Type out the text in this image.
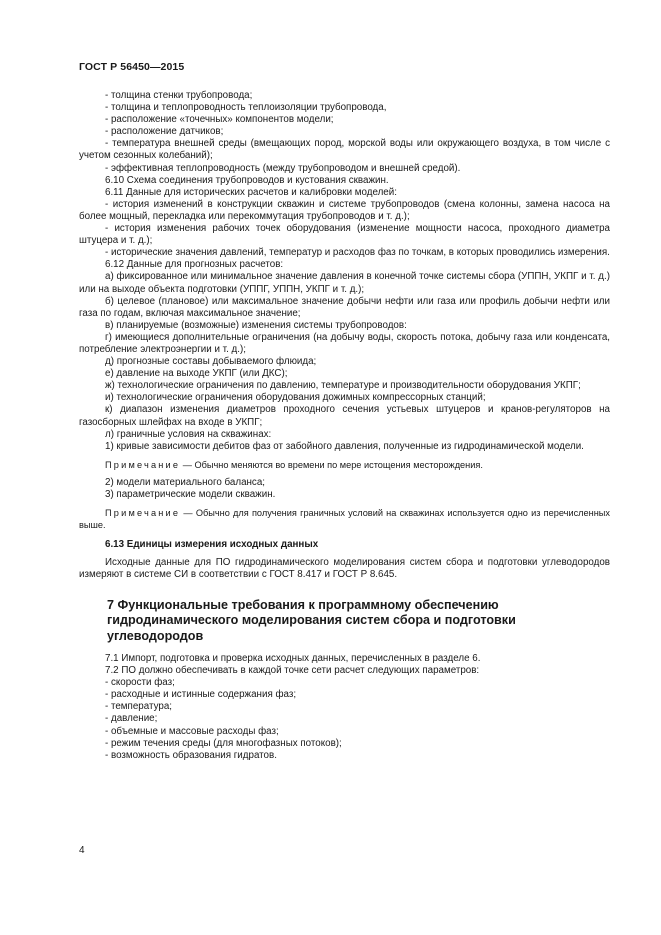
ГОСТ Р 56450—2015

- толщина стенки трубопровода;

- толщина и теплопроводность теплоизоляции трубопровода,

- расположение «точечных» компонентов модели;

- расположение датчиков;

- температура внешней среды (вмещающих пород, морской воды или окружающего воздуха, в том числе с учетом сезонных колебаний);

- эффективная теплопроводность (между трубопроводом и внешней средой).

6.10 Схема соединения трубопроводов и кустования скважин.

6.11 Данные для исторических расчетов и калибровки моделей:

- история изменений в конструкции скважин и системе трубопроводов (смена колонны, замена насоса на более мощный, перекладка или перекоммутация трубопроводов и т. д.);

- история изменения рабочих точек оборудования (изменение мощности насоса, проходного диаметра штуцера и т. д.);

- исторические значения давлений, температур и расходов фаз по точкам, в которых проводились измерения.

6.12 Данные для прогнозных расчетов:

а) фиксированное или минимальное значение давления в конечной точке системы сбора (УППН, УКПГ и т. д.) или на выходе объекта подготовки (УППГ, УППН, УКПГ и т. д.);

б) целевое (плановое) или максимальное значение добычи нефти или газа или профиль добычи нефти или газа по годам, включая максимальное значение;

в) планируемые (возможные) изменения системы трубопроводов:

г) имеющиеся дополнительные ограничения (на добычу воды, скорость потока, добычу газа или конденсата, потребление электроэнергии и т. д.);

д) прогнозные составы добываемого флюида;

е) давление на выходе УКПГ (или ДКС);

ж) технологические ограничения по давлению, температуре и производительности оборудования УКПГ;

и) технологические ограничения оборудования дожимных компрессорных станций;

к) диапазон изменения диаметров проходного сечения устьевых штуцеров и кранов-регуляторов на газосборных шлейфах на входе в УКПГ;

л) граничные условия на скважинах:

1) кривые зависимости дебитов фаз от забойного давления, полученные из гидродинамической модели.

Примечание — Обычно меняются во времени по мере истощения месторождения.

2) модели материального баланса;

3) параметрические модели скважин.

Примечание — Обычно для получения граничных условий на скважинах используется одно из перечисленных выше.

6.13 Единицы измерения исходных данных

Исходные данные для ПО гидродинамического моделирования систем сбора и подготовки углеводородов измеряют в системе СИ в соответствии с ГОСТ 8.417 и ГОСТ Р 8.645.

7 Функциональные требования к программному обеспечению гидродинамического моделирования систем сбора и подготовки углеводородов

7.1 Импорт, подготовка и проверка исходных данных, перечисленных в разделе 6.

7.2 ПО должно обеспечивать в каждой точке сети расчет следующих параметров:

- скорости фаз;

- расходные и истинные содержания фаз;

- температура;

- давление;

- объемные и массовые расходы фаз;

- режим течения среды (для многофазных потоков);

- возможность образования гидратов.

4
